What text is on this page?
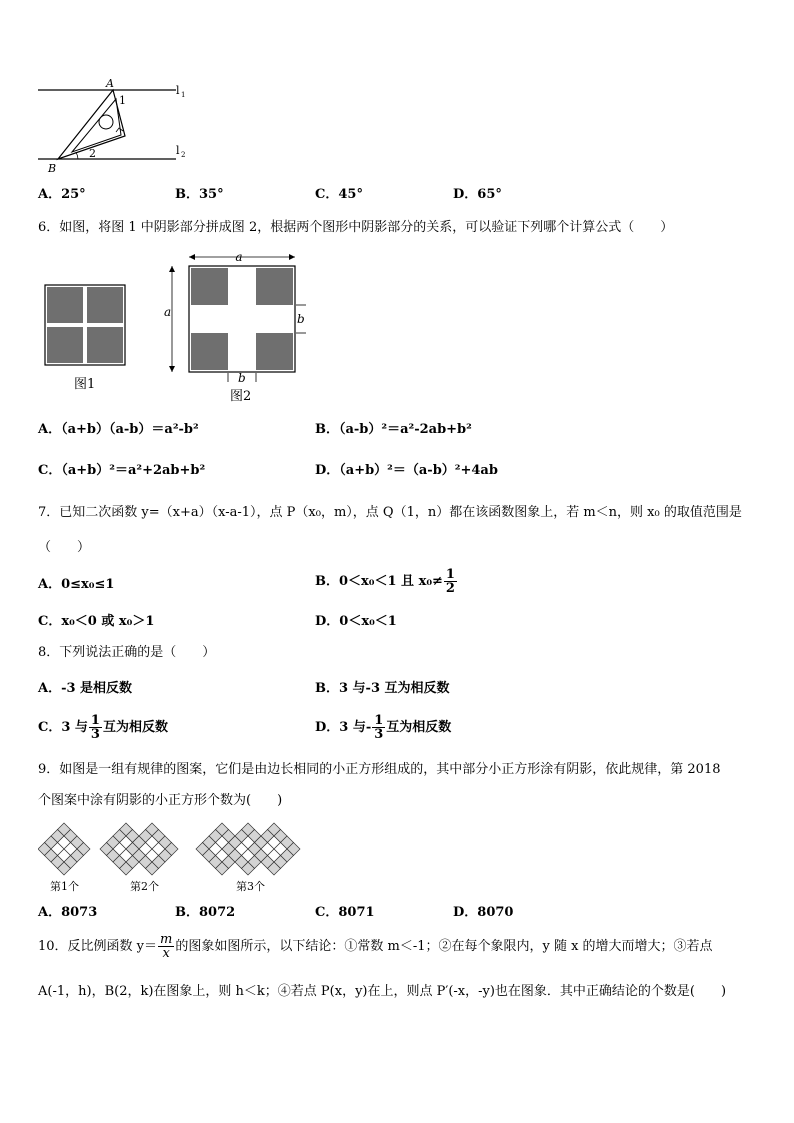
A
B
1
2
l 1
l 2
A．25°	B．35°	C．45°	D．65°
6．如图，将图 1 中阴影部分拼成图 2，根据两个图形中阴影部分的关系，可以验证下列哪个计算公式（　　）
图1
a
a	b
b
图2
A．（a+b）（a-b）＝a²-b²	B．（a-b）²＝a²-2ab+b²
C．（a+b）²＝a²+2ab+b²	D．（a+b）²＝（a-b）²+4ab
7．已知二次函数 y=（x+a）（x-a-1），点 P（x₀，m），点 Q（1，n）都在该函数图象上，若 m＜n，则 x₀ 的取值范围是
（　　）
A．0≤x₀≤1	B．0＜x₀＜1 且 $x_0\ne \frac{1}{2}$
C．x₀＜0 或 x₀＞1	D．0＜x₀＜1
8．下列说法正确的是（　　）
A．-3 是相反数	B．3 与-3 互为相反数
C．3 与 $\frac{1}{3}$ 互为相反数	D．3 与- $\frac{1}{3}$ 互为相反数
9．如图是一组有规律的图案，它们是由边长相同的小正方形组成的，其中部分小正方形涂有阴影，依此规律，第 2018
个图案中涂有阴影的小正方形个数为(　　)
第1个	第2个	第3个
A．8073	B．8072	C．8071	D．8070
10．反比例函数 $y= \frac{m}{x}$ 的图象如图所示，以下结论：①常数 m＜-1；②在每个象限内，y 随 x 的增大而增大；③若点
A(-1，h)，B(2，k)在图象上，则 h＜k；④若点 P(x，y)在上，则点 P′(-x，-y)也在图象．其中正确结论的个数是(　　)
